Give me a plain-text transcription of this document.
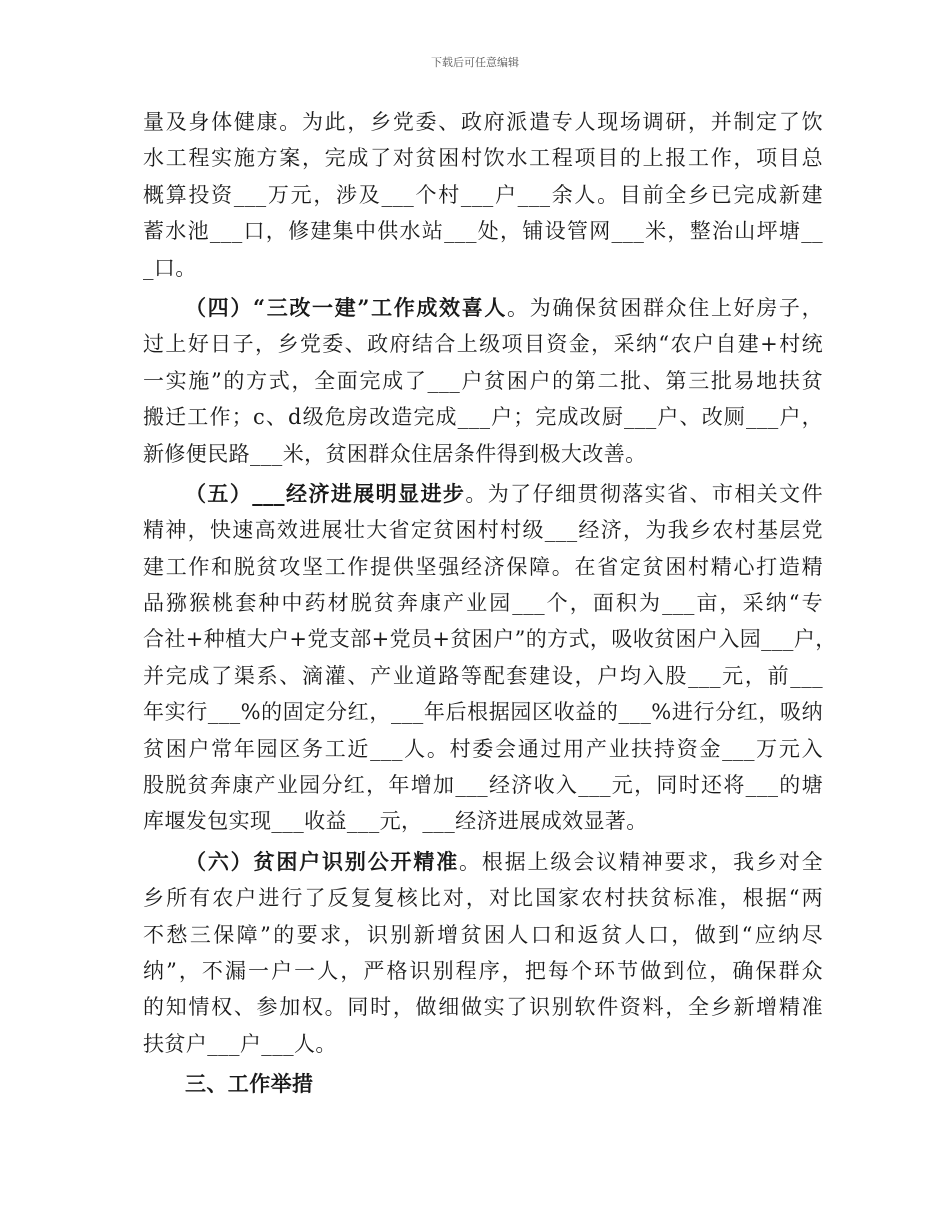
下载后可任意编辑
量及身体健康。为此，乡党委、政府派遣专人现场调研，并制定了饮
水工程实施方案，完成了对贫困村饮水工程项目的上报工作，项目总
概算投资___万元，涉及___个村___户___余人。目前全乡已完成新建
蓄水池___口，修建集中供水站___处，铺设管网___米，整治山坪塘__
_口。
（四）“三改一建”工作成效喜人。为确保贫困群众住上好房子，
过上好日子，乡党委、政府结合上级项目资金，采纳“农户自建+村统
一实施”的方式，全面完成了___户贫困户的第二批、第三批易地扶贫
搬迁工作；c、d级危房改造完成___户；完成改厨___户、改厕___户，
新修便民路___米，贫困群众住居条件得到极大改善。
（五）___经济进展明显进步。为了仔细贯彻落实省、市相关文件
精神，快速高效进展壮大省定贫困村村级___经济，为我乡农村基层党
建工作和脱贫攻坚工作提供坚强经济保障。在省定贫困村精心打造精
品猕猴桃套种中药材脱贫奔康产业园___个，面积为___亩，采纳“专
合社+种植大户+党支部+党员+贫困户”的方式，吸收贫困户入园___户，
并完成了渠系、滴灌、产业道路等配套建设，户均入股___元，前___
年实行___%的固定分红，___年后根据园区收益的___%进行分红，吸纳
贫困户常年园区务工近___人。村委会通过用产业扶持资金___万元入
股脱贫奔康产业园分红，年增加___经济收入___元，同时还将___的塘
库堰发包实现___收益___元，___经济进展成效显著。
（六）贫困户识别公开精准。根据上级会议精神要求，我乡对全
乡所有农户进行了反复复核比对，对比国家农村扶贫标准，根据“两
不愁三保障”的要求，识别新增贫困人口和返贫人口，做到“应纳尽
纳”，不漏一户一人，严格识别程序，把每个环节做到位，确保群众
的知情权、参加权。同时，做细做实了识别软件资料，全乡新增精准
扶贫户___户___人。
三、工作举措
